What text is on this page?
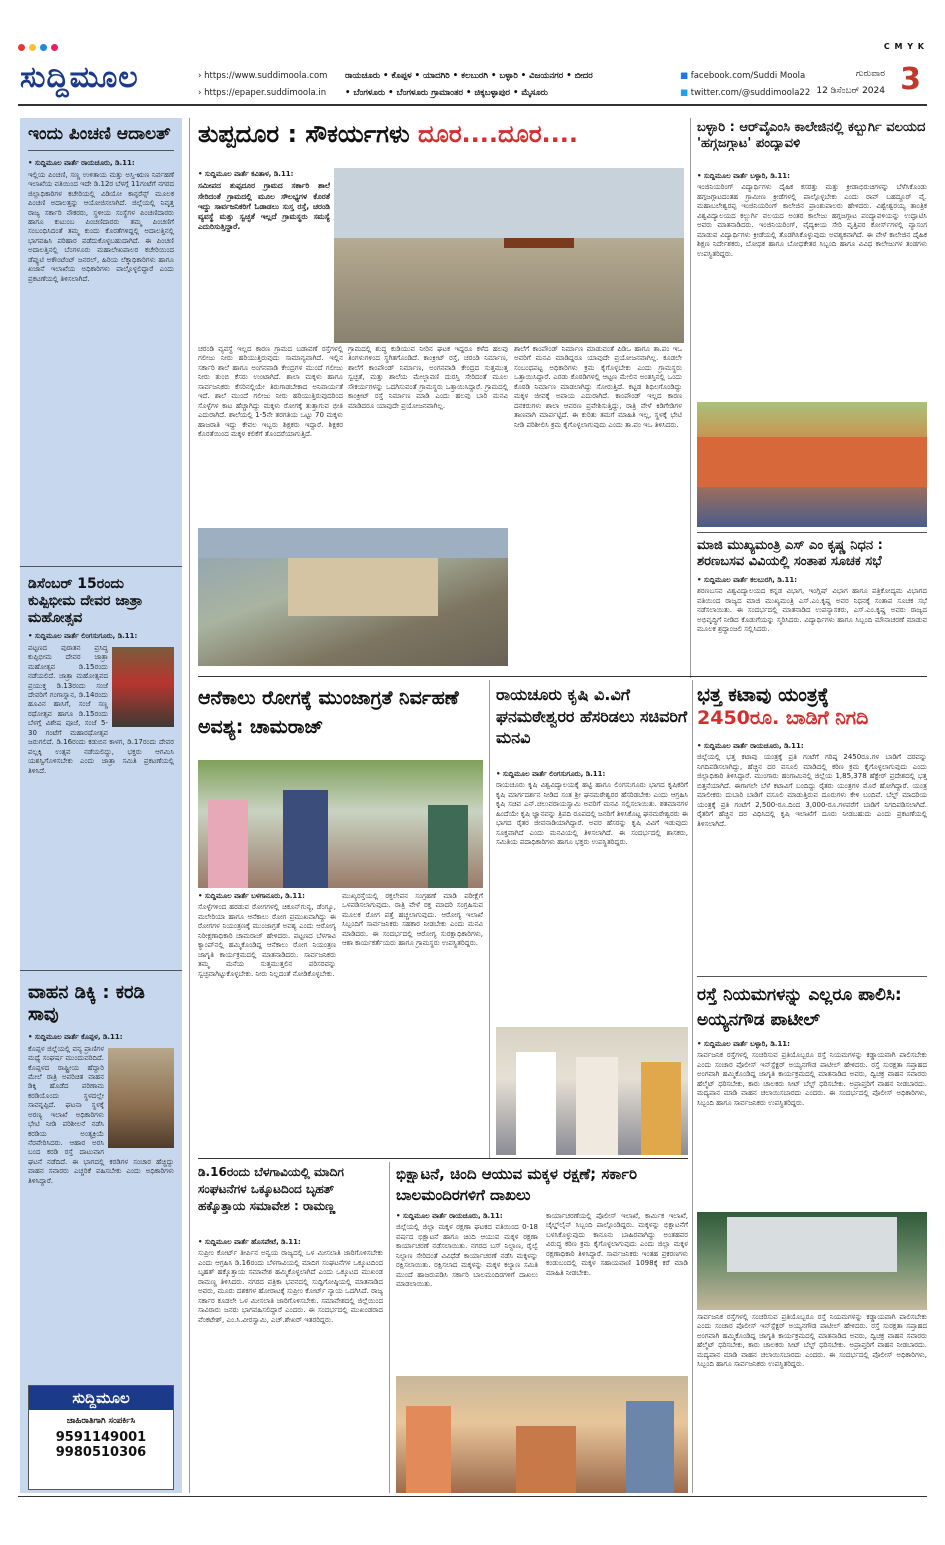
C M Y K
ಸುದ್ದಿಮೂಲ	› https://www.suddimoola.com
› https://epaper.suddimoola.in
ರಾಯಚೂರು • ಕೊಪ್ಪಳ • ಯಾದಗಿರಿ • ಕಲಬುರಗಿ • ಬಳ್ಳಾರಿ • ವಿಜಯನಗರ • ಬೀದರ
• ಬೆಂಗಳೂರು • ಬೆಂಗಳೂರು ಗ್ರಾಮಾಂತರ • ಚಿಕ್ಕಬಳ್ಳಾಪುರ • ಮೈಸೂರು
■ facebook.com/Suddi Moola
■ twitter.com/@suddimoola22
ಗುರುವಾರ
12 ಡಿಸೆಂಬರ್ 2024 3
ಇಂದು ಪಿಂಚಣಿ ಆದಾಲತ್
• ಸುದ್ದಿಮೂಲ ವಾರ್ತೆ ರಾಯಚೂರು, ಡಿ.11:
ಇಲ್ಲಿಯ ಪಿಂಚಣಿ, ಸಣ್ಣ ಉಳಿತಾಯ ಮತ್ತು ಅಸ್ತಿ-ಋಣ ನಿರ್ವಹಣೆ ಇಲಾಖೆಯ ವತಿಯಿಂದ ಇದೇ ಡಿ.12ರ ಬೆಳಗ್ಗೆ 11ಗಂಟೆಗೆ ನಗರದ ಜಿಲ್ಲಾಧಿಕಾರಿಗಳ ಕಚೇರಿಯಲ್ಲಿ ವಿಡಿಯೋ ಕಾನ್ಫರೆನ್ಸ್ ಮೂಲಕ ಪಿಂಚಣಿ ಅದಾಲತ್ತನ್ನು ಆಯೋಜಿಸಲಾಗಿದೆ. ಜಿಲ್ಲೆಯಲ್ಲಿ ನಿವೃತ್ತ ರಾಜ್ಯ ಸರ್ಕಾರಿ ನೌಕರರು, ಸ್ಥಳೀಯ ಸಂಸ್ಥೆಗಳ ಪಿಂಚಣಿದಾರರು ಹಾಗೂ ಕುಟುಂಬ ಪಿಂಚಣಿದಾರರು ತಮ್ಮ ಪಿಂಚಣಿಗೆ ಸಂಬಂಧಿಸಿದಂತೆ ತಮ್ಮ ಕುಂದು ಕೊರತೆಗಳಿದ್ದಲ್ಲಿ ಅದಾಲತ್ತಿನಲ್ಲಿ ಭಾಗವಹಿಸಿ ಪರಿಹಾರ ಪಡೆದುಕೊಳ್ಳಬಹುದಾಗಿದೆ. ಈ ಪಿಂಚಣಿ ಅದಾಲತ್ತಿನಲ್ಲಿ ಬೆಂಗಳೂರು ಮಹಾಲೇಖಪಾಲರ ಕಚೇರಿಯಿಂದ ಡೆಪ್ಯುಟಿ ಅಕೌಂಟೆಂಟ್ ಜನರಲ್, ಹಿರಿಯ ಲೆಕ್ಕಾಧಿಕಾರಿಗಳು ಹಾಗೂ ಖಜಾನೆ ಇಲಾಖೆಯ ಅಧಿಕಾರಿಗಳು ಪಾಲ್ಗೊಳ್ಳಲಿದ್ದಾರೆ ಎಂದು ಪ್ರಕಟಣೆಯಲ್ಲಿ ತಿಳಿಸಲಾಗಿದೆ.
ಡಿಸೆಂಬರ್ 15ರಂದು ಕುಪ್ಪಿಭೀಮ ದೇವರ ಜಾತ್ರಾ ಮಹೋತ್ಸವ
• ಸುದ್ದಿಮೂಲ ವಾರ್ತೆ ಲಿಂಗಸುಗೂರು, ಡಿ.11:
ಪಟ್ಟಣದ ಪುರಾತನ ಪ್ರಸಿದ್ಧ ಕುಪ್ಪಿಭೀಮ ದೇವರ ಜಾತ್ರಾ ಮಹೋತ್ಸವ ಡಿ.15ರಂದು ನಡೆಯಲಿದೆ. ಜಾತ್ರಾ ಮಹೋತ್ಸವದ ಪ್ರಯುಕ್ತ ಡಿ.13ರಂದು ಸಂಜೆ ದೇವರಿಗೆ ಗಂಗಾಸ್ನಾನ, ಡಿ.14ರಂದು ಹೂವಿನ ಹಾಸಿಗೆ, ಸಂಜೆ ಸಣ್ಣ ರಥೋತ್ಸವ ಹಾಗೂ ಡಿ.15ರಂದು ಬೆಳಗ್ಗೆ ವಿಶೇಷ ಪೂಜೆ, ಸಂಜೆ 5-30 ಗಂಟೆಗೆ ಮಹಾರಥೋತ್ಸವ ಜರುಗಲಿದೆ. ಡಿ.16ರಂದು ಕಡುಬಿನ ಕಾಳಗ, ಡಿ.17ರಂದು ದೇವರ ಪಲ್ಲಕ್ಕಿ ಉತ್ಸವ ನಡೆಯಲಿದ್ದು, ಭಕ್ತರು ಆಗಮಿಸಿ ಯಶಸ್ವಿಗೊಳಿಸಬೇಕು ಎಂದು ಜಾತ್ರಾ ಸಮಿತಿ ಪ್ರಕಟಣೆಯಲ್ಲಿ ತಿಳಿಸಿದೆ.
ವಾಹನ ಡಿಕ್ಕಿ : ಕರಡಿ ಸಾವು
• ಸುದ್ದಿಮೂಲ ವಾರ್ತೆ ಕೊಪ್ಪಳ, ಡಿ.11:
ಕೊಪ್ಪಳ ಜಿಲ್ಲೆಯಲ್ಲಿ ವನ್ಯ ಪ್ರಾಣಿಗಳ ಮಧ್ಯೆ ಸಂಘರ್ಷ ಮುಂದುವರಿದಿದೆ. ಕೊಪ್ಪಳದ ರಾಷ್ಟ್ರೀಯ ಹೆದ್ದಾರಿ ಮೇಲೆ ರಾತ್ರಿ ಅಪರಿಚಿತ ವಾಹನ ಡಿಕ್ಕಿ ಹೊಡೆದ ಪರಿಣಾಮ ಕರಡಿಯೊಂದು ಸ್ಥಳದಲ್ಲೇ ಸಾವನ್ನಪ್ಪಿದೆ. ಘಟನಾ ಸ್ಥಳಕ್ಕೆ ಅರಣ್ಯ ಇಲಾಖೆ ಅಧಿಕಾರಿಗಳು ಭೇಟಿ ನೀಡಿ ಪರಿಶೀಲನೆ ನಡೆಸಿ ಕರಡಿಯ ಅಂತ್ಯಕ್ರಿಯೆ ನೆರವೇರಿಸಿದರು. ಆಹಾರ ಅರಸಿ ಬಂದ ಕರಡಿ ರಸ್ತೆ ದಾಟುವಾಗ ಘಟನೆ ನಡೆದಿದೆ. ಈ ಭಾಗದಲ್ಲಿ ಕರಡಿಗಳ ಸಂಚಾರ ಹೆಚ್ಚಿದ್ದು ವಾಹನ ಸವಾರರು ಎಚ್ಚರಿಕೆ ವಹಿಸಬೇಕು ಎಂದು ಅಧಿಕಾರಿಗಳು ತಿಳಿಸಿದ್ದಾರೆ.
ಸುದ್ದಿಮೂಲ
ಜಾಹಿರಾತಿಗಾಗಿ ಸಂಪರ್ಕಿಸಿ
9591149001
9980510306
ತುಪ್ಪದೂರ : ಸೌಕರ್ಯಗಳು ದೂರ....ದೂರ....
• ಸುದ್ದಿಮೂಲ ವಾರ್ತೆ ಕವಿತಾಳ, ಡಿ.11:
ಸಮೀಪದ ತುಪ್ಪದೂರ ಗ್ರಾಮದ ಸರ್ಕಾರಿ ಶಾಲೆ ಸೇರಿದಂತೆ ಗ್ರಾಮದಲ್ಲಿ ಮೂಲ ಸೌಲಭ್ಯಗಳ ಕೊರತೆ ಇದ್ದು ಸಾರ್ವಜನಿಕರಿಗೆ ಓಡಾಡಲು ಸುಸ್ತ ರಸ್ತೆ, ಚರಂಡಿ ವ್ಯವಸ್ಥೆ ಮತ್ತು ಸ್ವಚ್ಛತೆ ಇಲ್ಲದೆ ಗ್ರಾಮಸ್ಥರು ಸಮಸ್ಯೆ ಎದುರಿಸುತ್ತಿದ್ದಾರೆ.
ಚರಂಡಿ ವ್ಯವಸ್ಥೆ ಇಲ್ಲದ ಕಾರಣ ಗ್ರಾಮದ ಬಡಾವಣೆ ರಸ್ತೆಗಳಲ್ಲಿ ಗಲೀಜು ನೀರು ಹರಿಯುತ್ತಿರುವುದು ಸಾಮಾನ್ಯವಾಗಿದೆ. ಇಲ್ಲಿನ ಸರ್ಕಾರಿ ಶಾಲೆ ಹಾಗೂ ಅಂಗನವಾಡಿ ಕೇಂದ್ರಗಳ ಮುಂದೆ ಗಲೀಜು ನೀರು ತುಂಬಿ ಕೆಸರು ಉಂಟಾಗಿದೆ. ಶಾಲಾ ಮಕ್ಕಳು ಹಾಗೂ ಸಾರ್ವಜನಿಕರು ಕೆಸರಿನಲ್ಲಿಯೇ ತಿರುಗಾಡಬೇಕಾದ ಅನಿವಾರ್ಯತೆ ಇದೆ. ಶಾಲೆ ಮುಂದೆ ಗಲೀಜು ನೀರು ಹರಿಯುತ್ತಿರುವುದರಿಂದ ಸೊಳ್ಳೆಗಳ ಕಾಟ ಹೆಚ್ಚಾಗಿದ್ದು ಮಕ್ಕಳು ರೋಗಕ್ಕೆ ತುತ್ತಾಗುವ ಭೀತಿ ಎದುರಾಗಿದೆ. ಶಾಲೆಯಲ್ಲಿ 1-5ನೇ ತರಗತಿಯ ಒಟ್ಟು 70 ಮಕ್ಕಳು ಹಾಜರಾತಿ ಇದ್ದು ಕೇವಲ ಇಬ್ಬರು ಶಿಕ್ಷಕರು ಇದ್ದಾರೆ. ಶಿಕ್ಷಕರ ಕೊರತೆಯಿಂದ ಮಕ್ಕಳ ಕಲಿಕೆಗೆ ತೊಂದರೆಯಾಗುತ್ತಿದೆ.
ಗ್ರಾಮದಲ್ಲಿ ಶುದ್ಧ ಕುಡಿಯುವ ನೀರಿನ ಘಟಕ ಇದ್ದರೂ ಕಳೆದ ಹಲವು ತಿಂಗಳುಗಳಿಂದ ಸ್ಥಗಿತಗೊಂಡಿದೆ. ಕಾಂಕ್ರೀಟ್ ರಸ್ತೆ, ಚರಂಡಿ ನಿರ್ಮಾಣ, ಶಾಲೆಗೆ ಕಾಂಪೌಂಡ್ ನಿರ್ಮಾಣ, ಅಂಗನವಾಡಿ ಕೇಂದ್ರದ ಸುತ್ತಮುತ್ತ ಸ್ವಚ್ಛತೆ, ಮತ್ತು ಶಾಲೆಯ ಮೇಲ್ಛಾವಣಿ ದುರಸ್ತಿ ಸೇರಿದಂತೆ ಮೂಲ ಸೌಕರ್ಯಗಳನ್ನು ಒದಗಿಸುವಂತೆ ಗ್ರಾಮಸ್ಥರು ಒತ್ತಾಯಿಸಿದ್ದಾರೆ. ಗ್ರಾಮದಲ್ಲಿ ಕಾಂಕ್ರೀಟ್ ರಸ್ತೆ ನಿರ್ಮಾಣ ಮಾಡಿ ಎಂದು ಹಲವು ಬಾರಿ ಮನವಿ ಮಾಡಿದರೂ ಯಾವುದೇ ಪ್ರಯೋಜನವಾಗಿಲ್ಲ.
ಶಾಲೆಗೆ ಕಾಂಪೌಂಡ್ ನಿರ್ಮಾಣ ಮಾಡುವಂತೆ ಪಿಡಿಒ ಹಾಗೂ ತಾ.ಪಂ ಇಒ ಅವರಿಗೆ ಮನವಿ ಮಾಡಿದ್ದರೂ ಯಾವುದೇ ಪ್ರಯೋಜನವಾಗಿಲ್ಲ. ಕೂಡಲೇ ಸಂಬಂಧಪಟ್ಟ ಅಧಿಕಾರಿಗಳು ಕ್ರಮ ಕೈಗೊಳ್ಳಬೇಕು ಎಂದು ಗ್ರಾಮಸ್ಥರು ಒತ್ತಾಯಿಸಿದ್ದಾರೆ. ಎರಡು ಕೊಠಡಿಗಳಲ್ಲಿ ಆಟ್ಟಣ ಮೇಲಿನ ಅಂತಸ್ತಿನಲ್ಲಿ ಒಂದು ಕೊಠಡಿ ನಿರ್ಮಾಣ ಮಾಡಲಾಗಿದ್ದು ಸೋರುತ್ತಿದೆ. ಕಟ್ಟಡ ಶಿಥಿಲಗೊಂಡಿದ್ದು ಮಕ್ಕಳ ಜೀವಕ್ಕೆ ಅಪಾಯ ಎದುರಾಗಿದೆ. ಕಾಂಪೌಂಡ್ ಇಲ್ಲದ ಕಾರಣ ದನಕರುಗಳು ಶಾಲಾ ಆವರಣ ಪ್ರವೇಶಿಸುತ್ತಿದ್ದು, ರಾತ್ರಿ ವೇಳೆ ಕಿಡಿಗೇಡಿಗಳ ತಾಣವಾಗಿ ಮಾರ್ಪಟ್ಟಿದೆ. ಈ ಕುರಿತು ತಮಗೆ ಮಾಹಿತಿ ಇಲ್ಲ, ಸ್ಥಳಕ್ಕೆ ಭೇಟಿ ನೀಡಿ ಪರಿಶೀಲಿಸಿ ಕ್ರಮ ಕೈಗೊಳ್ಳಲಾಗುವುದು ಎಂದು ತಾ.ಪಂ ಇಒ ತಿಳಿಸಿದರು.
ಬಳ್ಳಾರಿ : ಆರ್‌ವೈಎಂಸಿ ಕಾಲೇಜಿನಲ್ಲಿ ಕಲ್ಬುರ್ಗಿ ವಲಯದ 'ಹಗ್ಗಜಗ್ಗಾಟ' ಪಂದ್ಯಾವಳಿ
• ಸುದ್ದಿಮೂಲ ವಾರ್ತೆ ಬಳ್ಳಾರಿ, ಡಿ.11:
ಇಂಜಿನಿಯರಿಂಗ್ ವಿದ್ಯಾರ್ಥಿಗಳು ದೈಹಿಕ ಕಸರತ್ತು ಮತ್ತು ಕ್ರೀಡಾಭಿರುಚಿಗಳನ್ನು ಬೆಳೆಸಿಕೊಂಡು ಹಗ್ಗಜಗ್ಗಾಟದಂತಹ ಗ್ರಾಮೀಣ ಕ್ರೀಡೆಗಳಲ್ಲಿ ಪಾಲ್ಗೊಳ್ಳಬೇಕು ಎಂದು ರಾವ್ ಬಹದ್ದೂರ್ ವೈ. ಮಹಾಬಲೇಶ್ವರಪ್ಪ ಇಂಜಿನಿಯರಿಂಗ್ ಕಾಲೇಜಿನ ಪ್ರಾಂಶುಪಾಲರು ಹೇಳಿದರು. ವಿಶ್ವೇಶ್ವರಯ್ಯ ತಾಂತ್ರಿಕ ವಿಶ್ವವಿದ್ಯಾಲಯದ ಕಲ್ಬುರ್ಗಿ ವಲಯದ ಅಂತರ ಕಾಲೇಜು ಹಗ್ಗಜಗ್ಗಾಟ ಪಂದ್ಯಾವಳಿಯನ್ನು ಉದ್ಘಾಟಿಸಿ ಅವರು ಮಾತನಾಡಿದರು. ಇಂಜಿನಿಯರಿಂಗ್, ವೈದ್ಯಕೀಯ ಸೇರಿ ವೃತ್ತಿಪರ ಕೋರ್ಸ್‌ಗಳಲ್ಲಿ ವ್ಯಾಸಂಗ ಮಾಡುವ ವಿದ್ಯಾರ್ಥಿಗಳು ಕ್ರೀಡೆಯಲ್ಲಿ ತೊಡಗಿಸಿಕೊಳ್ಳುವುದು ಅವಶ್ಯಕವಾಗಿದೆ. ಈ ವೇಳೆ ಕಾಲೇಜಿನ ದೈಹಿಕ ಶಿಕ್ಷಣ ನಿರ್ದೇಶಕರು, ಬೋಧಕ ಹಾಗೂ ಬೋಧಕೇತರ ಸಿಬ್ಬಂದಿ ಹಾಗೂ ವಿವಿಧ ಕಾಲೇಜುಗಳ ತಂಡಗಳು ಉಪಸ್ಥಿತರಿದ್ದರು.
ಮಾಜಿ ಮುಖ್ಯಮಂತ್ರಿ ಎಸ್ ಎಂ ಕೃಷ್ಣ ನಿಧನ : ಶರಣಬಸವ ವಿವಿಯಲ್ಲಿ ಸಂತಾಪ ಸೂಚಕ ಸಭೆ
• ಸುದ್ದಿಮೂಲ ವಾರ್ತೆ ಕಲಬುರಗಿ, ಡಿ.11:
ಶರಣಬಸವ ವಿಶ್ವವಿದ್ಯಾಲಯದ ಕನ್ನಡ ವಿಭಾಗ, ಇಂಗ್ಲಿಷ್ ವಿಭಾಗ ಹಾಗೂ ಪತ್ರಿಕೋದ್ಯಮ ವಿಭಾಗದ ವತಿಯಿಂದ ರಾಜ್ಯದ ಮಾಜಿ ಮುಖ್ಯಮಂತ್ರಿ ಎಸ್.ಎಂ.ಕೃಷ್ಣ ಅವರ ನಿಧನಕ್ಕೆ ಸಂತಾಪ ಸೂಚಕ ಸಭೆ ನಡೆಸಲಾಯಿತು. ಈ ಸಂದರ್ಭದಲ್ಲಿ ಮಾತನಾಡಿದ ಉಪನ್ಯಾಸಕರು, ಎಸ್.ಎಂ.ಕೃಷ್ಣ ಅವರು ರಾಜ್ಯದ ಅಭಿವೃದ್ಧಿಗೆ ನೀಡಿದ ಕೊಡುಗೆಯನ್ನು ಸ್ಮರಿಸಿದರು. ವಿದ್ಯಾರ್ಥಿಗಳು ಹಾಗೂ ಸಿಬ್ಬಂದಿ ಮೌನಾಚರಣೆ ಮಾಡುವ ಮೂಲಕ ಶ್ರದ್ಧಾಂಜಲಿ ಸಲ್ಲಿಸಿದರು.
ಆನೆಕಾಲು ರೋಗಕ್ಕೆ ಮುಂಜಾಗ್ರತೆ ನಿರ್ವಹಣೆ ಅವಶ್ಯ: ಚಾಮರಾಜ್
• ಸುದ್ದಿಮೂಲ ವಾರ್ತೆ ಬಳಗಾನೂರು, ಡಿ.11:
ಸೊಳ್ಳೆಗಳಿಂದ ಹರಡುವ ರೋಗಗಳಲ್ಲಿ ಚಿಕೂನ್‌ಗುನ್ಯ, ಡೆಂಗ್ಯೂ, ಮಲೇರಿಯಾ ಹಾಗೂ ಆನೆಕಾಲು ರೋಗ ಪ್ರಮುಖವಾಗಿದ್ದು ಈ ರೋಗಗಳ ನಿಯಂತ್ರಣಕ್ಕೆ ಮುಂಜಾಗ್ರತೆ ಅವಶ್ಯ ಎಂದು ಆರೋಗ್ಯ ನಿರೀಕ್ಷಣಾಧಿಕಾರಿ ಚಾಮರಾಜ್ ಹೇಳಿದರು. ಪಟ್ಟಣದ ಬೆಳಗಾವಿ ಕ್ಯಾಂಪ್‌ನಲ್ಲಿ ಹಮ್ಮಿಕೊಂಡಿದ್ದ ಆನೆಕಾಲು ರೋಗ ನಿಯಂತ್ರಣ ಜಾಗೃತಿ ಕಾರ್ಯಕ್ರಮದಲ್ಲಿ ಮಾತನಾಡಿದರು. ಸಾರ್ವಜನಿಕರು ತಮ್ಮ ಮನೆಯ ಸುತ್ತಮುತ್ತಲಿನ ಪರಿಸರವನ್ನು ಸ್ವಚ್ಛವಾಗಿಟ್ಟುಕೊಳ್ಳಬೇಕು. ನೀರು ನಿಲ್ಲದಂತೆ ನೋಡಿಕೊಳ್ಳಬೇಕು.
ಮುಖ್ಯರಸ್ತೆಯಲ್ಲಿ ರಕ್ತಲೇಪನ ಸಂಗ್ರಹಣೆ ಮಾಡಿ ಪರೀಕ್ಷೆಗೆ ಒಳಪಡಿಸಲಾಗುವುದು. ರಾತ್ರಿ ವೇಳೆ ರಕ್ತ ಮಾದರಿ ಸಂಗ್ರಹಿಸುವ ಮೂಲಕ ರೋಗ ಪತ್ತೆ ಹಚ್ಚಲಾಗುವುದು. ಆರೋಗ್ಯ ಇಲಾಖೆ ಸಿಬ್ಬಂದಿಗೆ ಸಾರ್ವಜನಿಕರು ಸಹಕಾರ ನೀಡಬೇಕು ಎಂದು ಮನವಿ ಮಾಡಿದರು. ಈ ಸಂದರ್ಭದಲ್ಲಿ ಆರೋಗ್ಯ ಸುರಕ್ಷಾಧಿಕಾರಿಗಳು, ಆಶಾ ಕಾರ್ಯಕರ್ತೆಯರು ಹಾಗೂ ಗ್ರಾಮಸ್ಥರು ಉಪಸ್ಥಿತರಿದ್ದರು.
ರಾಯಚೂರು ಕೃಷಿ ವಿ.ವಿಗೆ ಘನಮಠೇಶ್ವರರ ಹೆಸರಿಡಲು ಸಚಿವರಿಗೆ ಮನವಿ
• ಸುದ್ದಿಮೂಲ ವಾರ್ತೆ ಲಿಂಗಸುಗೂರು, ಡಿ.11:
ರಾಯಚೂರು ಕೃಷಿ ವಿಶ್ವವಿದ್ಯಾಲಯಕ್ಕೆ ಹಟ್ಟಿ ಹಾಗೂ ಲಿಂಗಸುಗೂರು ಭಾಗದ ಕೃಷಿಕರಿಗೆ ಕೃಷಿ ಮಾರ್ಗದರ್ಶನ ನೀಡಿದ ಸಂತ ಶ್ರೀ ಘನಮಠೇಶ್ವರರ ಹೆಸರಿಡಬೇಕು ಎಂದು ಆಗ್ರಹಿಸಿ ಕೃಷಿ ಸಚಿವ ಎನ್.ಚಲುವರಾಯಸ್ವಾಮಿ ಅವರಿಗೆ ಮನವಿ ಸಲ್ಲಿಸಲಾಯಿತು. ಶತಮಾನಗಳ ಹಿಂದೆಯೇ ಕೃಷಿ ಜ್ಞಾನವನ್ನು ತ್ರಿಪದಿ ರೂಪದಲ್ಲಿ ಜನರಿಗೆ ತಿಳಿಸಿಕೊಟ್ಟ ಘನಮಠೇಶ್ವರರು ಈ ಭಾಗದ ರೈತರ ಜೀವನಾಡಿಯಾಗಿದ್ದಾರೆ. ಅವರ ಹೆಸರನ್ನು ಕೃಷಿ ವಿವಿಗೆ ಇಡುವುದು ಸೂಕ್ತವಾಗಿದೆ ಎಂದು ಮನವಿಯಲ್ಲಿ ತಿಳಿಸಲಾಗಿದೆ. ಈ ಸಂದರ್ಭದಲ್ಲಿ ಶಾಸಕರು, ಸಮಿತಿಯ ಪದಾಧಿಕಾರಿಗಳು ಹಾಗೂ ಭಕ್ತರು ಉಪಸ್ಥಿತರಿದ್ದರು.
ಭತ್ತ ಕಟಾವು ಯಂತ್ರಕ್ಕೆ
2450ರೂ. ಬಾಡಿಗೆ ನಿಗದಿ
• ಸುದ್ದಿಮೂಲ ವಾರ್ತೆ ರಾಯಚೂರು, ಡಿ.11:
ಜಿಲ್ಲೆಯಲ್ಲಿ ಭತ್ತ ಕಟಾವು ಯಂತ್ರಕ್ಕೆ ಪ್ರತಿ ಗಂಟೆಗೆ ಗರಿಷ್ಠ 2450ರೂ.ಗಳ ಬಾಡಿಗೆ ದರವನ್ನು ನಿಗದಿಪಡಿಸಲಾಗಿದ್ದು, ಹೆಚ್ಚಿನ ದರ ವಸೂಲಿ ಮಾಡಿದಲ್ಲಿ ಕಠಿಣ ಕ್ರಮ ಕೈಗೊಳ್ಳಲಾಗುವುದು ಎಂದು ಜಿಲ್ಲಾಧಿಕಾರಿ ತಿಳಿಸಿದ್ದಾರೆ. ಮುಂಗಾರು ಹಂಗಾಮಿನಲ್ಲಿ ಜಿಲ್ಲೆಯ 1,85,378 ಹೆಕ್ಟೇರ್ ಪ್ರದೇಶದಲ್ಲಿ ಭತ್ತ ಬಿತ್ತನೆಯಾಗಿದೆ. ಈಗಾಗಲೇ ಬೆಳೆ ಕಟಾವಿಗೆ ಬಂದಿದ್ದು ರೈತರು ಯಂತ್ರಗಳ ಮೊರೆ ಹೋಗಿದ್ದಾರೆ. ಯಂತ್ರ ಮಾಲೀಕರು ದುಬಾರಿ ಬಾಡಿಗೆ ವಸೂಲಿ ಮಾಡುತ್ತಿರುವ ದೂರುಗಳು ಕೇಳಿ ಬಂದಿವೆ. ಬೆಲ್ಟ್ ಮಾದರಿಯ ಯಂತ್ರಕ್ಕೆ ಪ್ರತಿ ಗಂಟೆಗೆ 2,500-ರೂ.ದಿಂದ 3,000-ರೂ.ಗಳವರೆಗೆ ಬಾಡಿಗೆ ನಿಗದಿಪಡಿಸಲಾಗಿದೆ. ರೈತರಿಗೆ ಹೆಚ್ಚಿನ ದರ ವಿಧಿಸಿದಲ್ಲಿ ಕೃಷಿ ಇಲಾಖೆಗೆ ದೂರು ನೀಡಬಹುದು ಎಂದು ಪ್ರಕಟಣೆಯಲ್ಲಿ ತಿಳಿಸಲಾಗಿದೆ.
ರಸ್ತೆ ನಿಯಮಗಳನ್ನು ಎಲ್ಲರೂ ಪಾಲಿಸಿ: ಅಯ್ಯನಗೌಡ ಪಾಟೀಲ್
• ಸುದ್ದಿಮೂಲ ವಾರ್ತೆ ಬಳ್ಳಾರಿ, ಡಿ.11:
ಸಾರ್ವಜನಿಕ ರಸ್ತೆಗಳಲ್ಲಿ ಸಂಚರಿಸುವ ಪ್ರತಿಯೊಬ್ಬರೂ ರಸ್ತೆ ನಿಯಮಗಳನ್ನು ಕಡ್ಡಾಯವಾಗಿ ಪಾಲಿಸಬೇಕು ಎಂದು ಸಂಚಾರ ಪೊಲೀಸ್ ಇನ್‌ಸ್ಪೆಕ್ಟರ್ ಅಯ್ಯನಗೌಡ ಪಾಟೀಲ್ ಹೇಳಿದರು. ರಸ್ತೆ ಸುರಕ್ಷತಾ ಸಪ್ತಾಹದ ಅಂಗವಾಗಿ ಹಮ್ಮಿಕೊಂಡಿದ್ದ ಜಾಗೃತಿ ಕಾರ್ಯಕ್ರಮದಲ್ಲಿ ಮಾತನಾಡಿದ ಅವರು, ದ್ವಿಚಕ್ರ ವಾಹನ ಸವಾರರು ಹೆಲ್ಮೆಟ್ ಧರಿಸಬೇಕು, ಕಾರು ಚಾಲಕರು ಸೀಟ್ ಬೆಲ್ಟ್ ಧರಿಸಬೇಕು. ಅಪ್ರಾಪ್ತರಿಗೆ ವಾಹನ ನೀಡಬಾರದು. ಮದ್ಯಪಾನ ಮಾಡಿ ವಾಹನ ಚಲಾಯಿಸಬಾರದು ಎಂದರು. ಈ ಸಂದರ್ಭದಲ್ಲಿ ಪೊಲೀಸ್ ಅಧಿಕಾರಿಗಳು, ಸಿಬ್ಬಂದಿ ಹಾಗೂ ಸಾರ್ವಜನಿಕರು ಉಪಸ್ಥಿತರಿದ್ದರು.
ಸಾರ್ವಜನಿಕ ರಸ್ತೆಗಳಲ್ಲಿ ಸಂಚರಿಸುವ ಪ್ರತಿಯೊಬ್ಬರೂ ರಸ್ತೆ ನಿಯಮಗಳನ್ನು ಕಡ್ಡಾಯವಾಗಿ ಪಾಲಿಸಬೇಕು ಎಂದು ಸಂಚಾರ ಪೊಲೀಸ್ ಇನ್‌ಸ್ಪೆಕ್ಟರ್ ಅಯ್ಯನಗೌಡ ಪಾಟೀಲ್ ಹೇಳಿದರು. ರಸ್ತೆ ಸುರಕ್ಷತಾ ಸಪ್ತಾಹದ ಅಂಗವಾಗಿ ಹಮ್ಮಿಕೊಂಡಿದ್ದ ಜಾಗೃತಿ ಕಾರ್ಯಕ್ರಮದಲ್ಲಿ ಮಾತನಾಡಿದ ಅವರು, ದ್ವಿಚಕ್ರ ವಾಹನ ಸವಾರರು ಹೆಲ್ಮೆಟ್ ಧರಿಸಬೇಕು, ಕಾರು ಚಾಲಕರು ಸೀಟ್ ಬೆಲ್ಟ್ ಧರಿಸಬೇಕು. ಅಪ್ರಾಪ್ತರಿಗೆ ವಾಹನ ನೀಡಬಾರದು. ಮದ್ಯಪಾನ ಮಾಡಿ ವಾಹನ ಚಲಾಯಿಸಬಾರದು ಎಂದರು. ಈ ಸಂದರ್ಭದಲ್ಲಿ ಪೊಲೀಸ್ ಅಧಿಕಾರಿಗಳು, ಸಿಬ್ಬಂದಿ ಹಾಗೂ ಸಾರ್ವಜನಿಕರು ಉಪಸ್ಥಿತರಿದ್ದರು.
ಡಿ.16ರಂದು ಬೆಳಗಾವಿಯಲ್ಲಿ ಮಾದಿಗ ಸಂಘಟನೆಗಳ ಒಕ್ಕೂಟದಿಂದ ಬೃಹತ್ ಹಕ್ಕೊತ್ತಾಯ ಸಮಾವೇಶ : ರಾಮಣ್ಣ
• ಸುದ್ದಿಮೂಲ ವಾರ್ತೆ ಹೊಸಪೇಟೆ, ಡಿ.11:
ಸುಪ್ರೀಂ ಕೋರ್ಟ್ ತೀರ್ಪಿನ ಅನ್ವಯ ರಾಜ್ಯದಲ್ಲಿ ಒಳ ಮೀಸಲಾತಿ ಜಾರಿಗೊಳಿಸಬೇಕು ಎಂದು ಆಗ್ರಹಿಸಿ ಡಿ.16ರಂದು ಬೆಳಗಾವಿಯಲ್ಲಿ ಮಾದಿಗ ಸಂಘಟನೆಗಳ ಒಕ್ಕೂಟದಿಂದ ಬೃಹತ್ ಹಕ್ಕೊತ್ತಾಯ ಸಮಾವೇಶ ಹಮ್ಮಿಕೊಳ್ಳಲಾಗಿದೆ ಎಂದು ಒಕ್ಕೂಟದ ಮುಖಂಡ ರಾಮಣ್ಣ ತಿಳಿಸಿದರು. ನಗರದ ಪತ್ರಿಕಾ ಭವನದಲ್ಲಿ ಸುದ್ದಿಗೋಷ್ಠಿಯಲ್ಲಿ ಮಾತನಾಡಿದ ಅವರು, ಮೂರು ದಶಕಗಳ ಹೋರಾಟಕ್ಕೆ ಸುಪ್ರೀಂ ಕೋರ್ಟ್ ನ್ಯಾಯ ಒದಗಿಸಿದೆ. ರಾಜ್ಯ ಸರ್ಕಾರ ಕೂಡಲೇ ಒಳ ಮೀಸಲಾತಿ ಜಾರಿಗೊಳಿಸಬೇಕು. ಸಮಾವೇಶದಲ್ಲಿ ಜಿಲ್ಲೆಯಿಂದ ಸಾವಿರಾರು ಜನರು ಭಾಗವಹಿಸಲಿದ್ದಾರೆ ಎಂದರು. ಈ ಸಂದರ್ಭದಲ್ಲಿ ಮುಖಂಡರಾದ ವೆಂಕಟೇಶ್, ಎಂ.ಸಿ.ವೀರಸ್ವಾಮಿ, ಎಚ್.ಶೇಖರ್ ಇತರರಿದ್ದರು.
ಭಿಕ್ಷಾಟನೆ, ಚಿಂದಿ ಆಯುವ ಮಕ್ಕಳ ರಕ್ಷಣೆ; ಸರ್ಕಾರಿ ಬಾಲಮಂದಿರಗಳಿಗೆ ದಾಖಲು
• ಸುದ್ದಿಮೂಲ ವಾರ್ತೆ ರಾಯಚೂರು, ಡಿ.11:
ಜಿಲ್ಲೆಯಲ್ಲಿ ಜಿಲ್ಲಾ ಮಕ್ಕಳ ರಕ್ಷಣಾ ಘಟಕದ ವತಿಯಿಂದ 0-18 ವರ್ಷದ ಭಿಕ್ಷಾಟನೆ ಹಾಗೂ ಚಿಂದಿ ಆಯುವ ಮಕ್ಕಳ ರಕ್ಷಣಾ ಕಾರ್ಯಾಚರಣೆ ನಡೆಸಲಾಯಿತು. ನಗರದ ಬಸ್ ನಿಲ್ದಾಣ, ರೈಲ್ವೆ ನಿಲ್ದಾಣ ಸೇರಿದಂತೆ ವಿವಿಧೆಡೆ ಕಾರ್ಯಾಚರಣೆ ನಡೆಸಿ ಮಕ್ಕಳನ್ನು ರಕ್ಷಿಸಲಾಯಿತು. ರಕ್ಷಿಸಲಾದ ಮಕ್ಕಳನ್ನು ಮಕ್ಕಳ ಕಲ್ಯಾಣ ಸಮಿತಿ ಮುಂದೆ ಹಾಜರುಪಡಿಸಿ ಸರ್ಕಾರಿ ಬಾಲಮಂದಿರಗಳಿಗೆ ದಾಖಲು ಮಾಡಲಾಯಿತು.
ಕಾರ್ಯಾಚರಣೆಯಲ್ಲಿ ಪೊಲೀಸ್ ಇಲಾಖೆ, ಕಾರ್ಮಿಕ ಇಲಾಖೆ, ಚೈಲ್ಡ್‌ಲೈನ್ ಸಿಬ್ಬಂದಿ ಪಾಲ್ಗೊಂಡಿದ್ದರು. ಮಕ್ಕಳನ್ನು ಭಿಕ್ಷಾಟನೆಗೆ ಬಳಸಿಕೊಳ್ಳುವುದು ಕಾನೂನು ಬಾಹಿರವಾಗಿದ್ದು ಅಂತಹವರ ವಿರುದ್ಧ ಕಠಿಣ ಕ್ರಮ ಕೈಗೊಳ್ಳಲಾಗುವುದು ಎಂದು ಜಿಲ್ಲಾ ಮಕ್ಕಳ ರಕ್ಷಣಾಧಿಕಾರಿ ತಿಳಿಸಿದ್ದಾರೆ. ಸಾರ್ವಜನಿಕರು ಇಂತಹ ಪ್ರಕರಣಗಳು ಕಂಡುಬಂದಲ್ಲಿ ಮಕ್ಕಳ ಸಹಾಯವಾಣಿ 1098ಕ್ಕೆ ಕರೆ ಮಾಡಿ ಮಾಹಿತಿ ನೀಡಬೇಕು.
